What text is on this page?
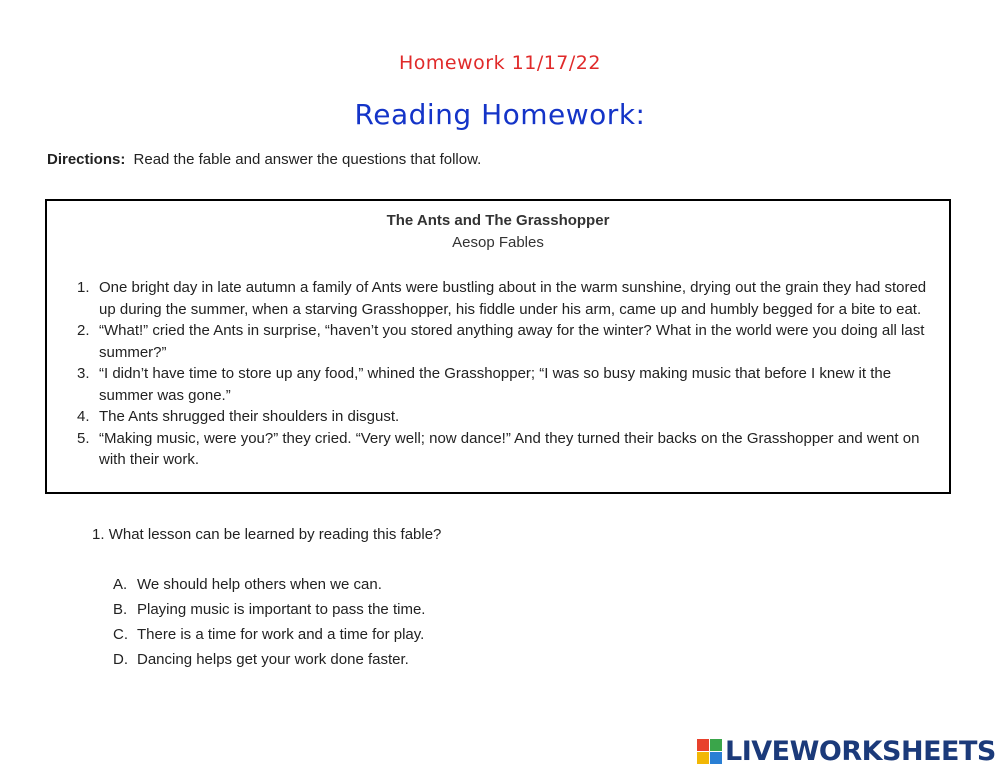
Homework 11/17/22
Reading Homework:
Directions: Read the fable and answer the questions that follow.
The Ants and The Grasshopper
Aesop Fables
1. One bright day in late autumn a family of Ants were bustling about in the warm sunshine, drying out the grain they had stored up during the summer, when a starving Grasshopper, his fiddle under his arm, came up and humbly begged for a bite to eat.
2. “What!” cried the Ants in surprise, “haven’t you stored anything away for the winter? What in the world were you doing all last summer?”
3. “I didn’t have time to store up any food,” whined the Grasshopper; “I was so busy making music that before I knew it the summer was gone.”
4. The Ants shrugged their shoulders in disgust.
5. “Making music, were you?” they cried. “Very well; now dance!” And they turned their backs on the Grasshopper and went on with their work.
1. What lesson can be learned by reading this fable?
A. We should help others when we can.
B. Playing music is important to pass the time.
C. There is a time for work and a time for play.
D. Dancing helps get your work done faster.
LIVEWORKSHEETS
